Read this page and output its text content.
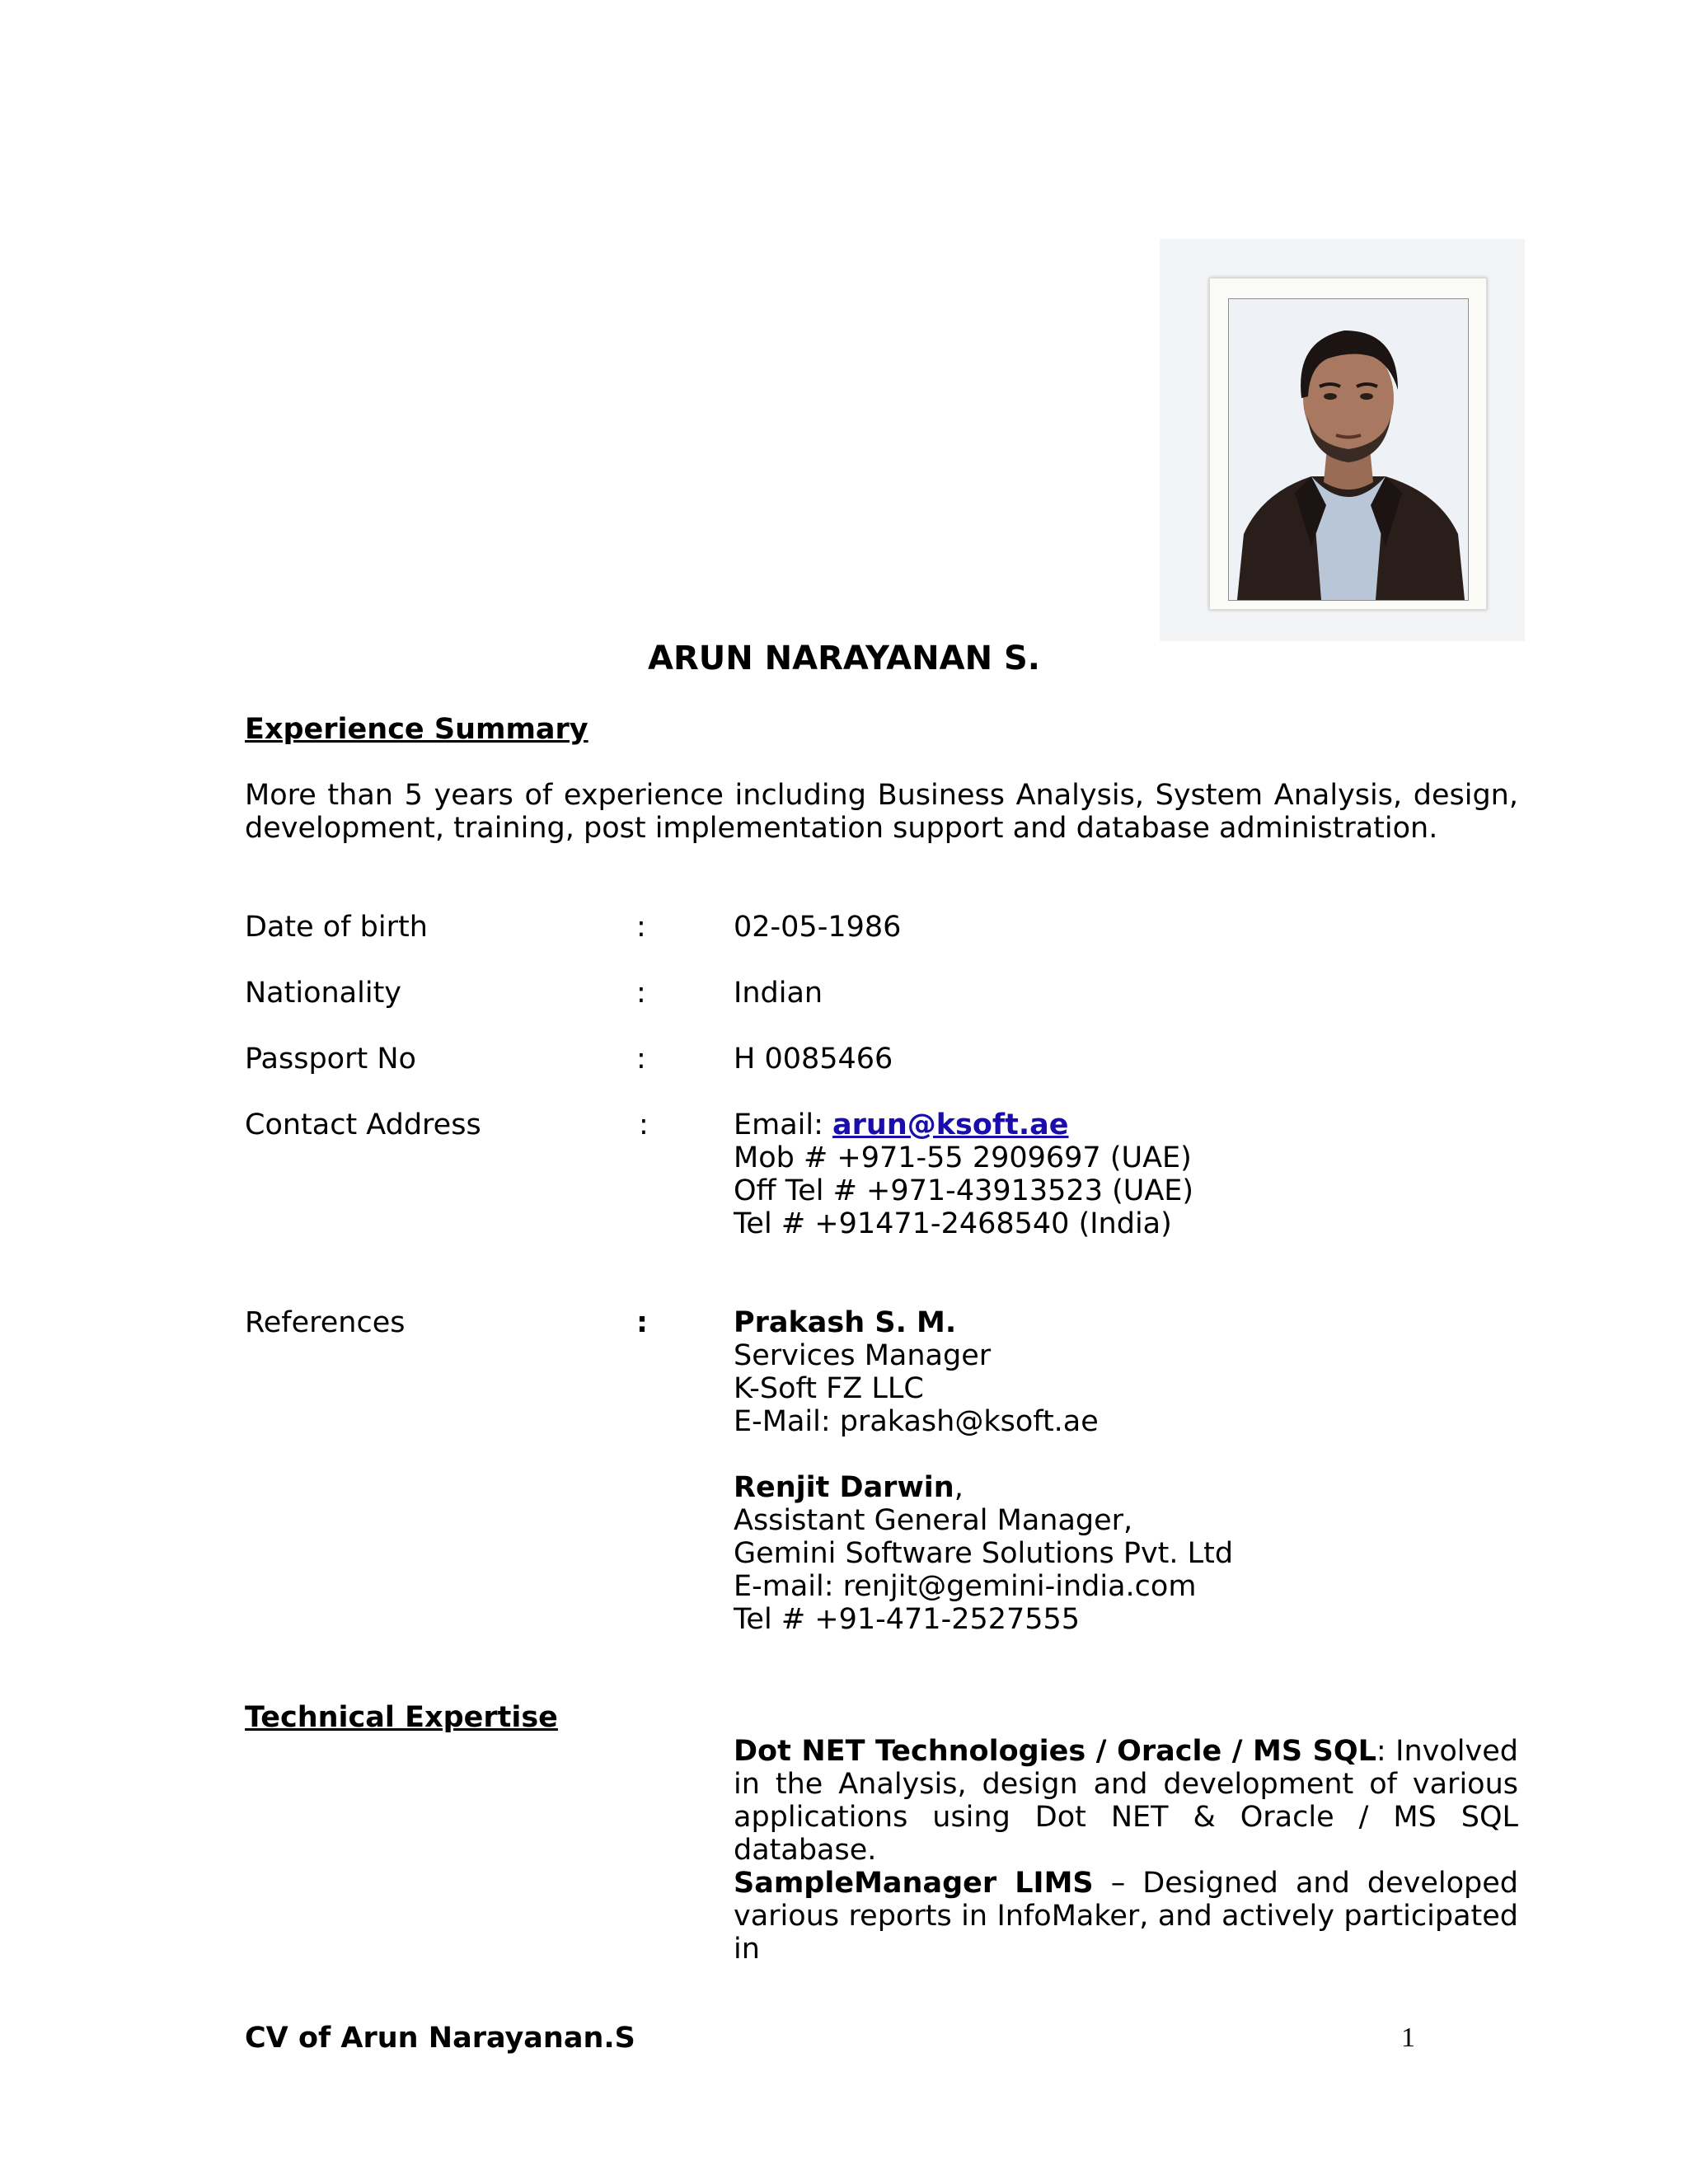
ARUN NARAYANAN S.
Experience Summary
More than 5 years of experience including Business Analysis, System Analysis, design, development, training, post implementation support and database administration.
Date of birth	:	02-05-1986
Nationality	:	Indian
Passport No	:	H 0085466
Contact Address	:	Email: arun@ksoft.ae
Mob # +971-55 2909697 (UAE)
Off Tel # +971-43913523 (UAE)
Tel # +91471-2468540 (India)
References	:	Prakash S. M.
Services Manager
K-Soft FZ LLC
E-Mail: prakash@ksoft.ae
Renjit Darwin,
Assistant General Manager,
Gemini Software Solutions Pvt. Ltd
E-mail: renjit@gemini-india.com
Tel # +91-471-2527555
Technical Expertise
Dot NET Technologies / Oracle / MS SQL: Involved in the Analysis, design and development of various applications using Dot NET & Oracle / MS SQL database.
SampleManager LIMS – Designed and developed various reports in InfoMaker, and actively participated in
CV of Arun Narayanan.S	1
